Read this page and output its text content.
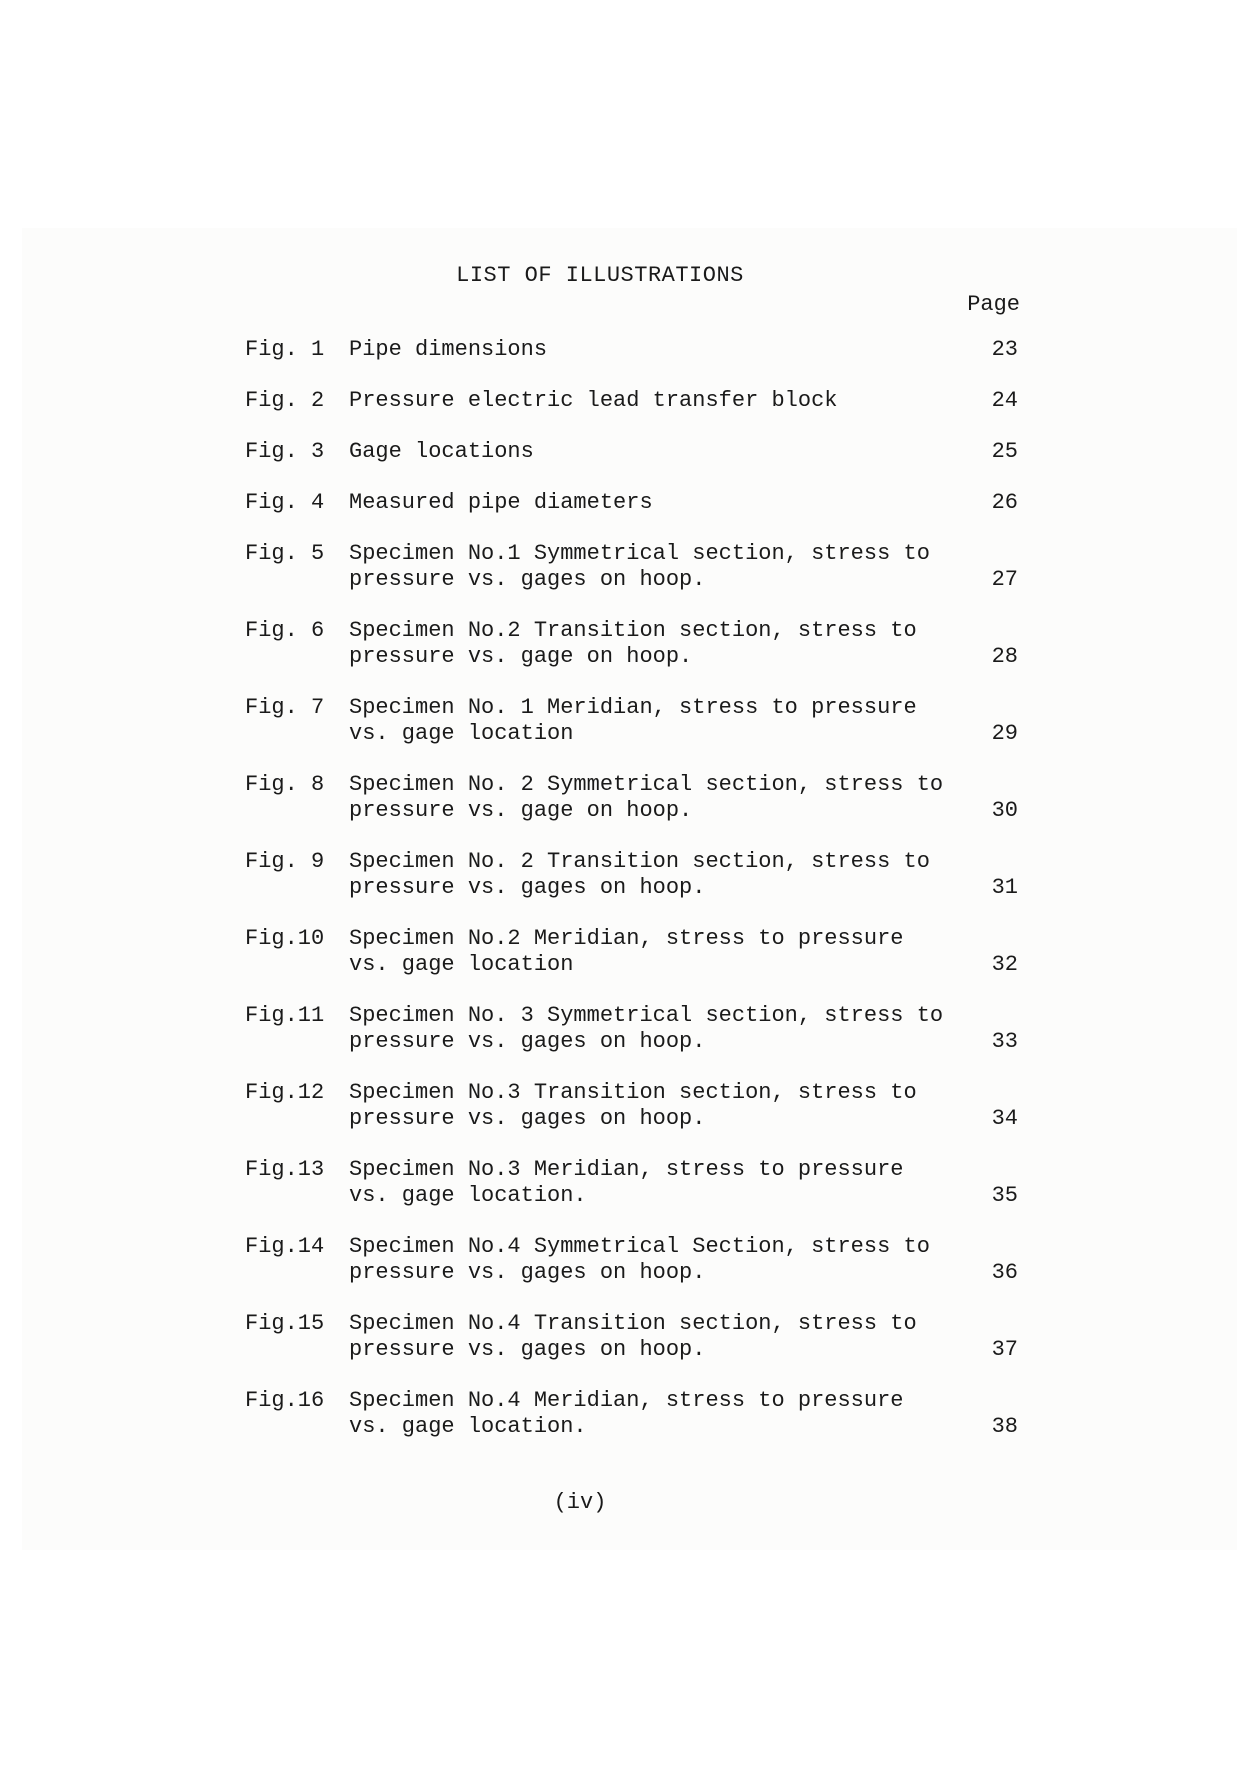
LIST OF ILLUSTRATIONS
Page
Fig. 1 Pipe dimensions	23
Fig. 2 Pressure electric lead transfer block	24
Fig. 3 Gage locations	25
Fig. 4 Measured pipe diameters	26
Fig. 5 Specimen No.1 Symmetrical section, stress to
pressure vs. gages on hoop.	27
Fig. 6 Specimen No.2 Transition section, stress to
pressure vs. gage on hoop.	28
Fig. 7 Specimen No. 1 Meridian, stress to pressure
vs. gage location	29
Fig. 8 Specimen No. 2 Symmetrical section, stress to
pressure vs. gage on hoop.	30
Fig. 9 Specimen No. 2 Transition section, stress to
pressure vs. gages on hoop.	31
Fig.10 Specimen No.2 Meridian, stress to pressure
vs. gage location	32
Fig.11 Specimen No. 3 Symmetrical section, stress to
pressure vs. gages on hoop.	33
Fig.12 Specimen No.3 Transition section, stress to
pressure vs. gages on hoop.	34
Fig.13 Specimen No.3 Meridian, stress to pressure
vs. gage location.	35
Fig.14 Specimen No.4 Symmetrical Section, stress to
pressure vs. gages on hoop.	36
Fig.15 Specimen No.4 Transition section, stress to
pressure vs. gages on hoop.	37
Fig.16 Specimen No.4 Meridian, stress to pressure
vs. gage location.	38
(iv)
